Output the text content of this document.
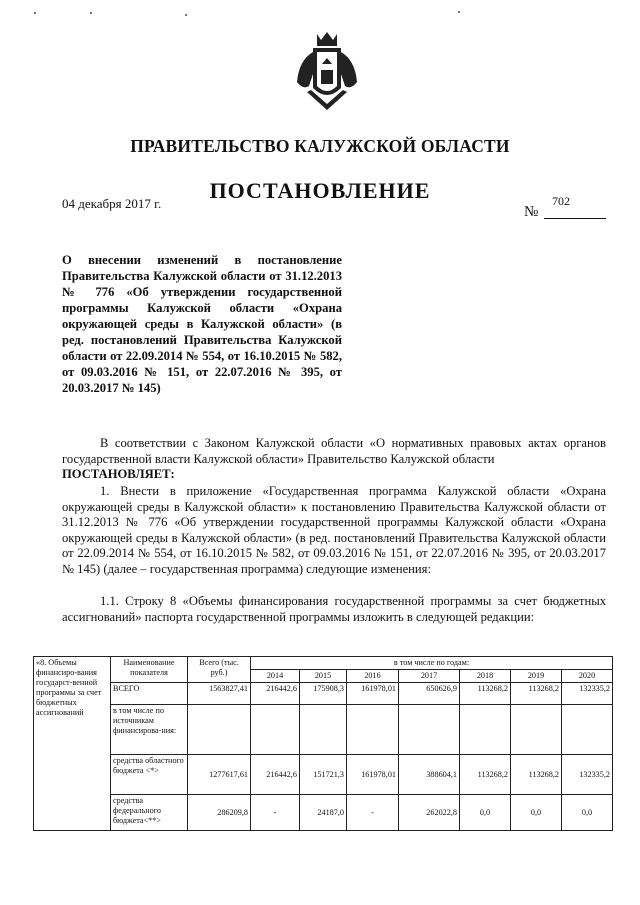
ПРАВИТЕЛЬСТВО КАЛУЖСКОЙ ОБЛАСТИ
ПОСТАНОВЛЕНИЕ
04 декабря 2017 г.
№
702
О внесении изменений в постановление Правительства Калужской области от 31.12.2013 № 776 «Об утверждении государственной программы Калужской области «Охрана окружающей среды в Калужской области» (в ред. постановлений Правительства Калужской области от 22.09.2014 № 554, от 16.10.2015 № 582, от 09.03.2016 № 151, от 22.07.2016 № 395, от 20.03.2017 № 145)
В соответствии с Законом Калужской области «О нормативных правовых актах органов государственной власти Калужской области» Правительство Калужской области
ПОСТАНОВЛЯЕТ:
1. Внести в приложение «Государственная программа Калужской области «Охрана окружающей среды в Калужской области» к постановлению Правительства Калужской области от 31.12.2013 № 776 «Об утверждении государственной программы Калужской области «Охрана окружающей среды в Калужской области» (в ред. постановлений Правительства Калужской области от 22.09.2014 № 554, от 16.10.2015 № 582, от 09.03.2016 № 151, от 22.07.2016 № 395, от 20.03.2017 № 145) (далее – государственная программа) следующие изменения:
1.1. Строку 8 «Объемы финансирования государственной программы за счет бюджетных ассигнований» паспорта государственной программы изложить в следующей редакции:
«8. Объемы финансиро-вания государст-венной программы за счет бюджетных ассигнований	Наименование показателя	Всего (тыс. руб.)	в том числе по годам:						
			2014	2015	2016	2017	2018	2019	2020
	ВСЕГО	1563827,41	216442,6	175908,3	161978,01	650626,9	113268,2	113268,2	132335,2
	в том числе по источникам финансирова-ния:								
	средства областного бюджета <*>	1277617,61	216442,6	151721,3	161978,01	388604,1	113268,2	113268,2	132335,2
	средства федерального бюджета<**>	286209,8	-	24187,0	-	262022,8	0,0	0,0	0,0
